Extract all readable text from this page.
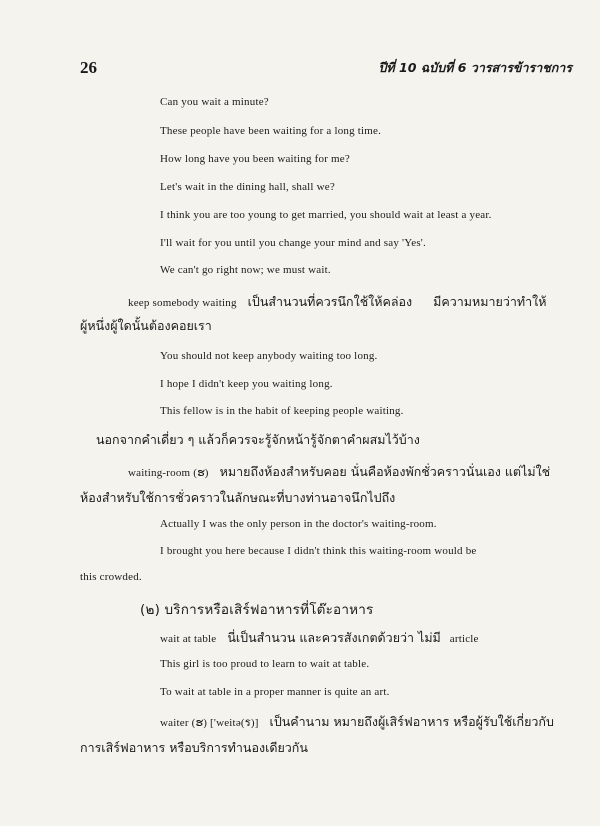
26	ปีที่ 10 ฉบับที่ 6 วารสารข้าราชการ
Can you wait a minute?
These people have been waiting for a long time.
How long have you been waiting for me?
Let's wait in the dining hall, shall we?
I think you are too young to get married, you should wait at least a year.
I'll wait for you until you change your mind and say 'Yes'.
We can't go right now; we must wait.
keep somebody waiting เป็นสำนวนที่ควรนึกใช้ให้คล่อง มีความหมายว่าทำให้
ผู้หนึ่งผู้ใดนั้นต้องคอยเรา
You should not keep anybody waiting too long.
I hope I didn't keep you waiting long.
This fellow is in the habit of keeping people waiting.
นอกจากคำเดี่ยว ๆ แล้วก็ควรจะรู้จักหน้ารู้จักตาคำผสมไว้บ้าง
waiting-room (ຮ) หมายถึงห้องสำหรับคอย นั่นคือห้องพักชั่วคราวนั่นเอง แต่ไม่ใช่
ห้องสำหรับใช้การชั่วคราวในลักษณะที่บางท่านอาจนึกไปถึง
Actually I was the only person in the doctor's waiting-room.
I brought you here because I didn't think this waiting-room would be
this crowded.
(๒) บริการหรือเสิร์ฟอาหารที่โต๊ะอาหาร
wait at table นี่เป็นสำนวน และควรสังเกตด้วยว่า ไม่มี article
This girl is too proud to learn to wait at table.
To wait at table in a proper manner is quite an art.
waiter (ຮ) ['weitə(ร)] เป็นคำนาม หมายถึงผู้เสิร์ฟอาหาร หรือผู้รับใช้เกี่ยวกับ
การเสิร์ฟอาหาร หรือบริการทำนองเดียวกัน
